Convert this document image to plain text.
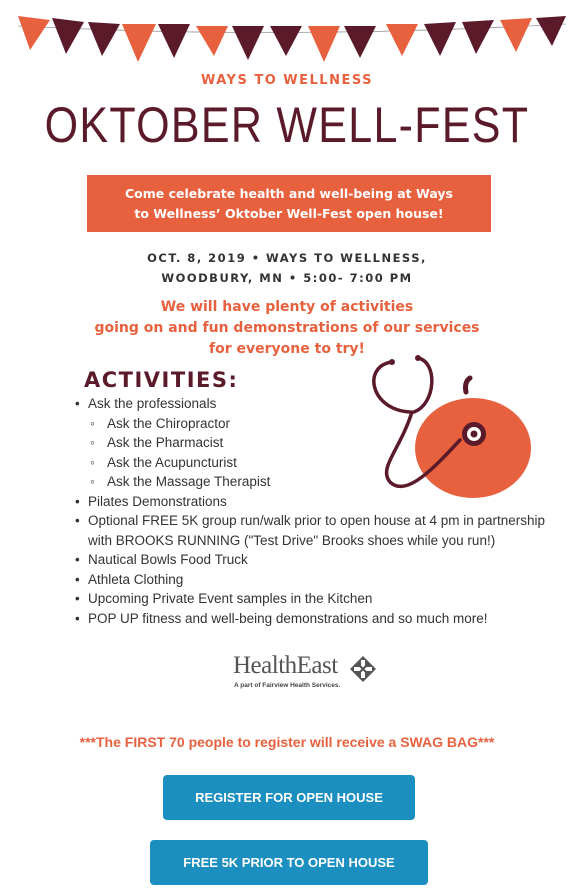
WAYS TO WELLNESS
OKTOBER WELL-FEST
Come celebrate health and well-being at Ways
to Wellness’ Oktober Well-Fest open house!
OCT. 8, 2019 • WAYS TO WELLNESS,
WOODBURY, MN • 5:00- 7:00 PM
We will have plenty of activities
going on and fun demonstrations of our services
for everyone to try!
ACTIVITIES:
• Ask the professionals
◦ Ask the Chiropractor
◦ Ask the Pharmacist
◦ Ask the Acupuncturist
◦ Ask the Massage Therapist
• Pilates Demonstrations
• Optional FREE 5K group run/walk prior to open house at 4 pm in partnership with BROOKS RUNNING ("Test Drive" Brooks shoes while you run!)
• Nautical Bowls Food Truck
• Athleta Clothing
• Upcoming Private Event samples in the Kitchen
• POP UP fitness and well-being demonstrations and so much more!
HealthEast
A part of Fairview Health Services.
***The FIRST 70 people to register will receive a SWAG BAG***
REGISTER FOR OPEN HOUSE
FREE 5K PRIOR TO OPEN HOUSE
